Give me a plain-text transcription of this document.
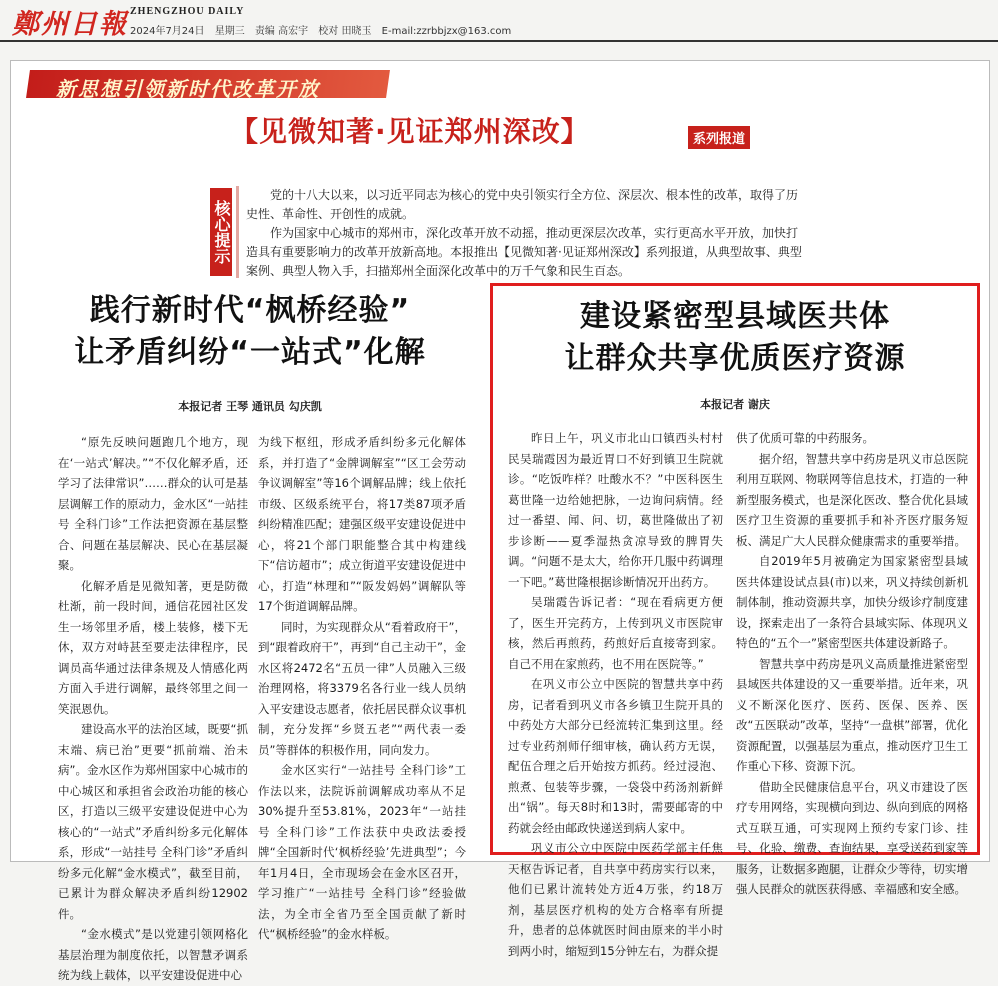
鄭州日報 ZHENGZHOU DAILY
2024年7月24日 星期三 责编 高宏宇 校对 田晓玉 E-mail:zzrbbjzx@163.com
新思想引领新时代改革开放
【见微知著·见证郑州深改】	系列报道
核心提示

党的十八大以来，以习近平同志为核心的党中央引领实行全方位、深层次、根本性的改革，取得了历史性、革命性、开创性的成就。

作为国家中心城市的郑州市，深化改革开放不动摇，推动更深层次改革，实行更高水平开放，加快打造具有重要影响力的改革开放新高地。本报推出【见微知著·见证郑州深改】系列报道，从典型故事、典型案例、典型人物入手，扫描郑州全面深化改革中的万千气象和民生百态。

践行新时代“枫桥经验”
让矛盾纠纷“一站式”化解
本报记者 王琴 通讯员 勾庆凯

“原先反映问题跑几个地方，现在‘一站式’解决。”“不仅化解矛盾，还学习了法律常识”……群众的认可是基层调解工作的原动力，金水区“一站挂号 全科门诊”工作法把资源在基层整合、问题在基层解决、民心在基层凝聚。

化解矛盾是见微知著，更是防微杜渐，前一段时间，通信花园社区发生一场邻里矛盾，楼上装修，楼下无休，双方对峙甚至要走法律程序，民调员高华通过法律条规及人情感化两方面入手进行调解，最终邻里之间一笑泯恩仇。

建设高水平的法治区域，既要“抓末端、病已治”更要“抓前端、治未病”。金水区作为郑州国家中心城市的中心城区和承担省会政治功能的核心区，打造以三级平安建设促进中心为核心的“一站式”矛盾纠纷多元化解体系，形成“一站挂号 全科门诊”矛盾纠纷多元化解“金水模式”，截至目前，已累计为群众解决矛盾纠纷12902件。

“金水模式”是以党建引领网格化基层治理为制度依托，以智慧矛调系统为线上载体，以平安建设促进中心

为线下枢纽，形成矛盾纠纷多元化解体系，并打造了“金牌调解室”“区工会劳动争议调解室”等16个调解品牌；线上依托市级、区级系统平台，将17类87项矛盾纠纷精准匹配；建强区级平安建设促进中心，将21个部门职能整合其中构建线下“信访超市”；成立街道平安建设促进中心，打造“林理和”“阪发妈妈”调解队等17个街道调解品牌。

同时，为实现群众从“看着政府干”，到“跟着政府干”，再到“自己主动干”，金水区将2472名“五员一律”人员融入三级治理网格，将3379名各行业一线人员纳入平安建设志愿者，依托居民群众议事机制，充分发挥“乡贤五老”“两代表一委员”等群体的积极作用，同向发力。

金水区实行“一站挂号 全科门诊”工作法以来，法院诉前调解成功率从不足30%提升至53.81%，2023年“一站挂号 全科门诊”工作法获中央政法委授牌“全国新时代‘枫桥经验’先进典型”；今年1月4日，全市现场会在金水区召开，学习推广“一站挂号 全科门诊”经验做法，为全市全省乃至全国贡献了新时代“枫桥经验”的金水样板。

建设紧密型县域医共体
让群众共享优质医疗资源
本报记者 谢庆

昨日上午，巩义市北山口镇西头村村民吴瑞霞因为最近胃口不好到镇卫生院就诊。“吃饭咋样？吐酸水不？”中医科医生葛世隆一边给她把脉，一边询问病情。经过一番望、闻、问、切，葛世隆做出了初步诊断——夏季湿热贪凉导致的脾胃失调。“问题不是太大，给你开几服中药调理一下吧。”葛世隆根据诊断情况开出药方。

吴瑞霞告诉记者：“现在看病更方便了，医生开完药方，上传到巩义市医院审核，然后再煎药，药煎好后直接寄到家。自己不用在家煎药，也不用在医院等。”

在巩义市公立中医院的智慧共享中药房，记者看到巩义市各乡镇卫生院开具的中药处方大部分已经流转汇集到这里。经过专业药剂师仔细审核，确认药方无误，配伍合理之后开始按方抓药。经过浸泡、煎煮、包装等步骤，一袋袋中药汤剂新鲜出“锅”。每天8时和13时，需要邮寄的中药就会经由邮政快递送到病人家中。

巩义市公立中医院中医药学部主任焦天枢告诉记者，自共享中药房实行以来，他们已累计流转处方近4万张，约18万剂，基层医疗机构的处方合格率有所提升，患者的总体就医时间由原来的半小时到两小时，缩短到15分钟左右，为群众提

供了优质可靠的中药服务。

据介绍，智慧共享中药房是巩义市总医院利用互联网、物联网等信息技术，打造的一种新型服务模式，也是深化医改、整合优化县域医疗卫生资源的重要抓手和补齐医疗服务短板、满足广大人民群众健康需求的重要举措。

自2019年5月被确定为国家紧密型县域医共体建设试点县(市)以来，巩义持续创新机制体制，推动资源共享，加快分级诊疗制度建设，探索走出了一条符合县域实际、体现巩义特色的“五个一”紧密型医共体建设新路子。

智慧共享中药房是巩义高质量推进紧密型县域医共体建设的又一重要举措。近年来，巩义不断深化医疗、医药、医保、医养、医改“五医联动”改革，坚持“一盘棋”部署，优化资源配置，以强基层为重点，推动医疗卫生工作重心下移、资源下沉。

借助全民健康信息平台，巩义市建设了医疗专用网络，实现横向到边、纵向到底的网格式互联互通，可实现网上预约专家门诊、挂号、化验、缴费、查询结果，享受送药到家等服务，让数据多跑腿，让群众少等待，切实增强人民群众的就医获得感、幸福感和安全感。
